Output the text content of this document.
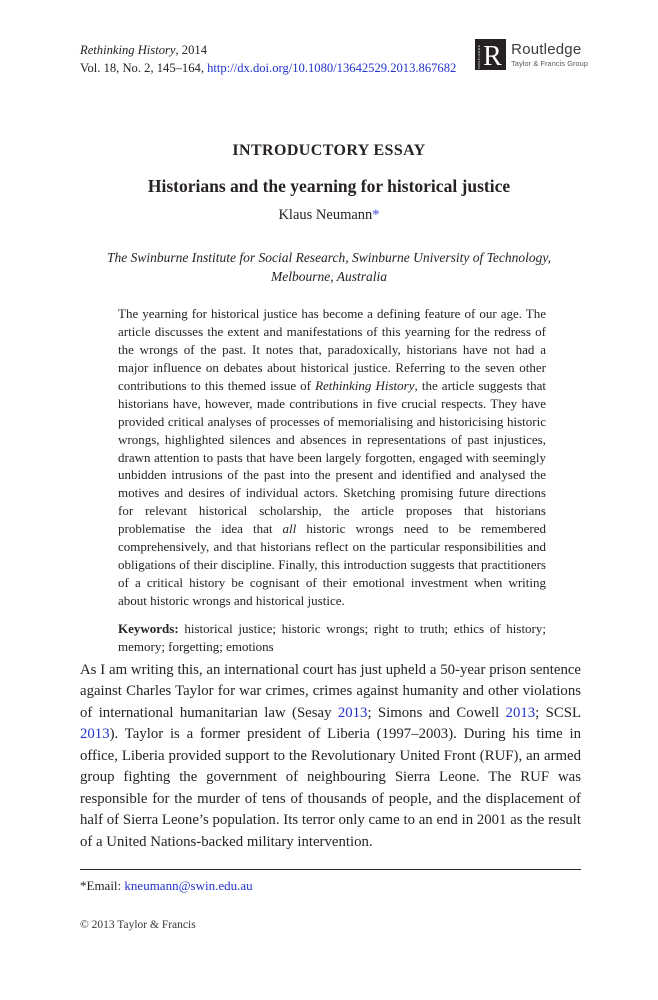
Rethinking History, 2014
Vol. 18, No. 2, 145–164, http://dx.doi.org/10.1080/13642529.2013.867682 R
ROUTLEDGE Routledge
Taylor & Francis Group
INTRODUCTORY ESSAY
Historians and the yearning for historical justice
Klaus Neumann*
The Swinburne Institute for Social Research, Swinburne University of Technology,
Melbourne, Australia
The yearning for historical justice has become a defining feature of our age. The article discusses the extent and manifestations of this yearning for the redress of the wrongs of the past. It notes that, paradoxically, historians have not had a major influence on debates about historical justice. Referring to the seven other contributions to this themed issue of Rethinking History, the article suggests that historians have, however, made contributions in five crucial respects. They have provided critical analyses of processes of memorialising and historicising historic wrongs, highlighted silences and absences in representations of past injustices, drawn attention to pasts that have been largely forgotten, engaged with seemingly unbidden intrusions of the past into the present and identified and analysed the motives and desires of individual actors. Sketching promising future directions for relevant historical scholarship, the article proposes that historians problematise the idea that all historic wrongs need to be remembered comprehensively, and that historians reflect on the particular responsibilities and obligations of their discipline. Finally, this introduction suggests that practitioners of a critical history be cognisant of their emotional investment when writing about historic wrongs and historical justice.
Keywords: historical justice; historic wrongs; right to truth; ethics of history; memory; forgetting; emotions
As I am writing this, an international court has just upheld a 50-year prison sentence against Charles Taylor for war crimes, crimes against humanity and other violations of international humanitarian law (Sesay 2013; Simons and Cowell 2013; SCSL 2013). Taylor is a former president of Liberia (1997–2003). During his time in office, Liberia provided support to the Revolutionary United Front (RUF), an armed group fighting the government of neighbouring Sierra Leone. The RUF was responsible for the murder of tens of thousands of people, and the displacement of half of Sierra Leone’s population. Its terror only came to an end in 2001 as the result of a United Nations-backed military intervention.
*Email: kneumann@swin.edu.au
© 2013 Taylor & Francis
